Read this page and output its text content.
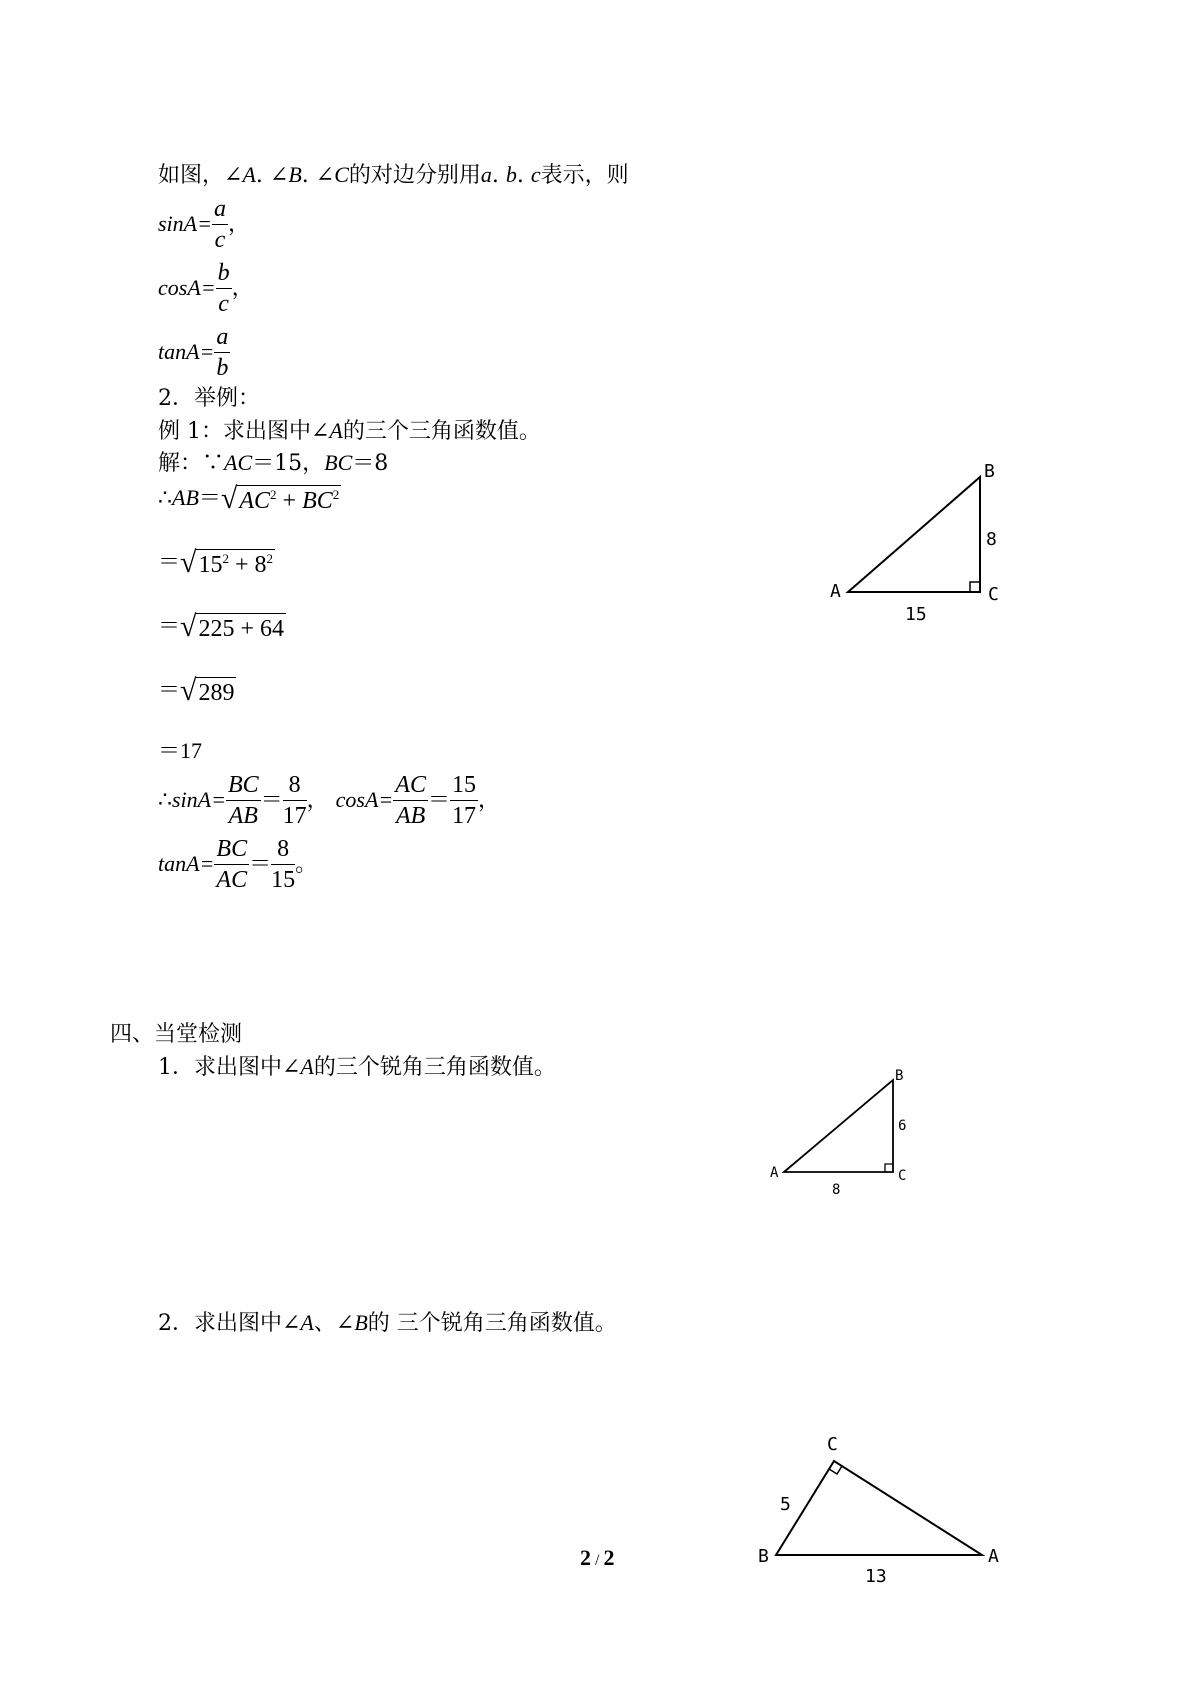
如图，∠A. ∠B. ∠C的对边分别用a. b. c表示，则
$\sin A= \frac{a}{c}$ ，
$\cos A= \frac{b}{c}$ ，
$\tan A= \frac{a}{b}$
2．举例：
例 1：求出图中∠A的三个三角函数值。
解：∵AC＝15，BC＝8
∴AB＝ √ $AC^2 + BC^2$
＝ √ $15^2 + 8^2$
＝ √ 225 + 64
＝ √ 289
＝17
∴sinA= $\frac{BC}{AB} = \frac{8}{17}$ ， $\cos A= \frac{AC}{AB} = \frac{15}{17}$ ，
$\tan A= \frac{BC}{AC} = \frac{8}{15}$ 。
A
B
C
8
15
四、当堂检测
1．求出图中∠A的三个锐角三角函数值。
A
B
C
6
8
2．求出图中∠A、∠B的 三个锐角三角函数值。
B
C
A
5
13
2 / 2
